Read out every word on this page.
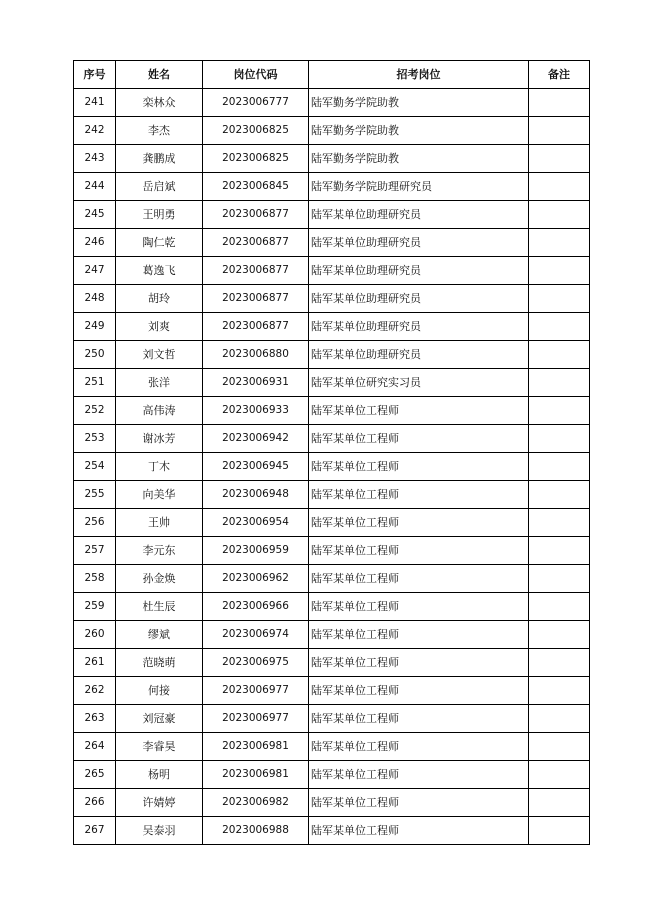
序号	姓名	岗位代码	招考岗位	备注
241	栾林众	2023006777	陆军勤务学院助教	
242	李杰	2023006825	陆军勤务学院助教	
243	龚鹏成	2023006825	陆军勤务学院助教	
244	岳启斌	2023006845	陆军勤务学院助理研究员	
245	王明勇	2023006877	陆军某单位助理研究员	
246	陶仁乾	2023006877	陆军某单位助理研究员	
247	葛逸飞	2023006877	陆军某单位助理研究员	
248	胡玲	2023006877	陆军某单位助理研究员	
249	刘爽	2023006877	陆军某单位助理研究员	
250	刘文哲	2023006880	陆军某单位助理研究员	
251	张洋	2023006931	陆军某单位研究实习员	
252	高伟涛	2023006933	陆军某单位工程师	
253	谢冰芳	2023006942	陆军某单位工程师	
254	丁木	2023006945	陆军某单位工程师	
255	向美华	2023006948	陆军某单位工程师	
256	王帅	2023006954	陆军某单位工程师	
257	李元东	2023006959	陆军某单位工程师	
258	孙金焕	2023006962	陆军某单位工程师	
259	杜生辰	2023006966	陆军某单位工程师	
260	缪斌	2023006974	陆军某单位工程师	
261	范晓萌	2023006975	陆军某单位工程师	
262	何接	2023006977	陆军某单位工程师	
263	刘冠豪	2023006977	陆军某单位工程师	
264	李睿昊	2023006981	陆军某单位工程师	
265	杨明	2023006981	陆军某单位工程师	
266	许婧婷	2023006982	陆军某单位工程师	
267	吴泰羽	2023006988	陆军某单位工程师	
